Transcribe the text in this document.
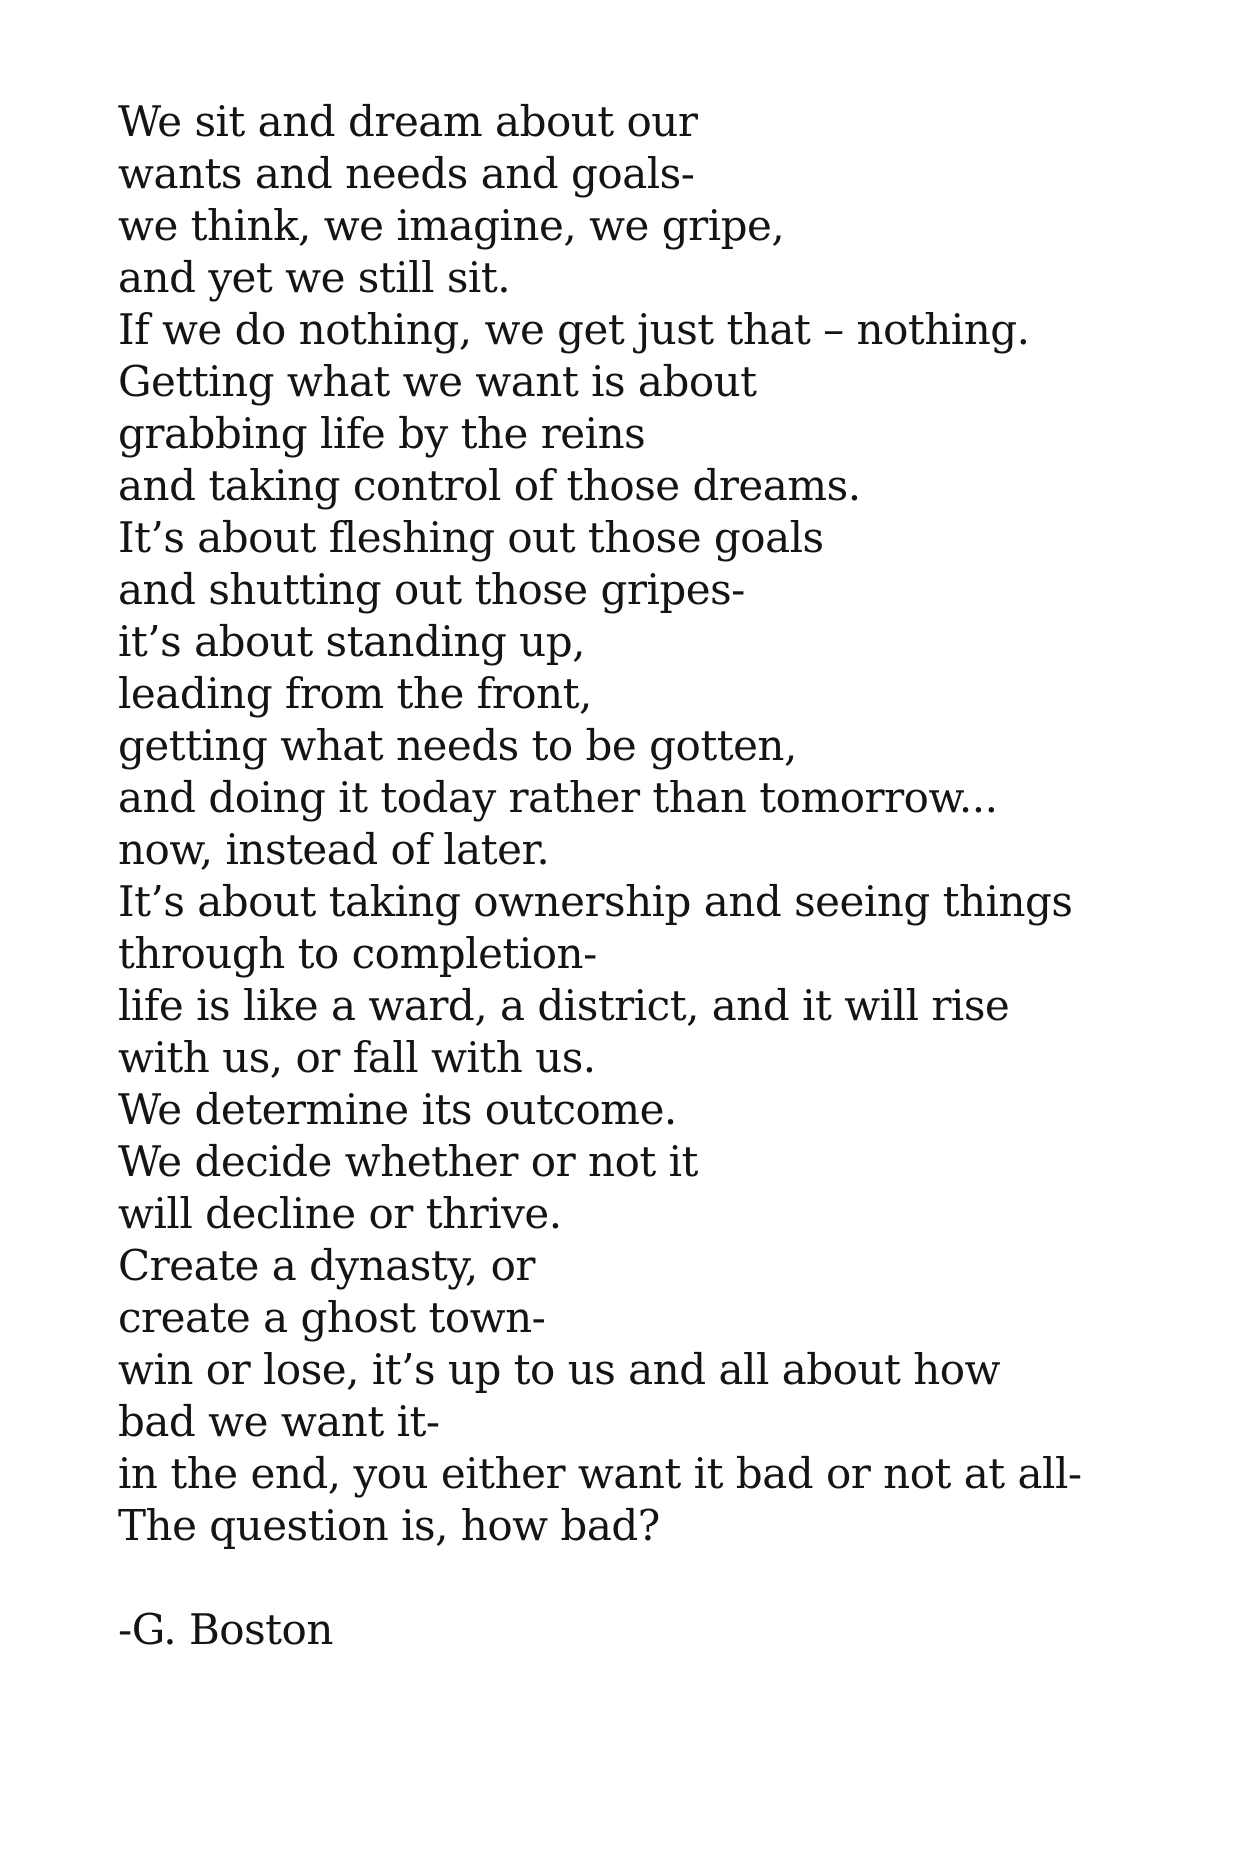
We sit and dream about our
wants and needs and goals-
we think, we imagine, we gripe,
and yet we still sit.
If we do nothing, we get just that – nothing.
Getting what we want is about
grabbing life by the reins
and taking control of those dreams.
It’s about fleshing out those goals
and shutting out those gripes-
it’s about standing up,
leading from the front,
getting what needs to be gotten,
and doing it today rather than tomorrow...
now, instead of later.
It’s about taking ownership and seeing things
through to completion-
life is like a ward, a district, and it will rise
with us, or fall with us.
We determine its outcome.
We decide whether or not it
will decline or thrive.
Create a dynasty, or
create a ghost town-
win or lose, it’s up to us and all about how
bad we want it-
in the end, you either want it bad or not at all-
The question is, how bad?
-G. Boston
